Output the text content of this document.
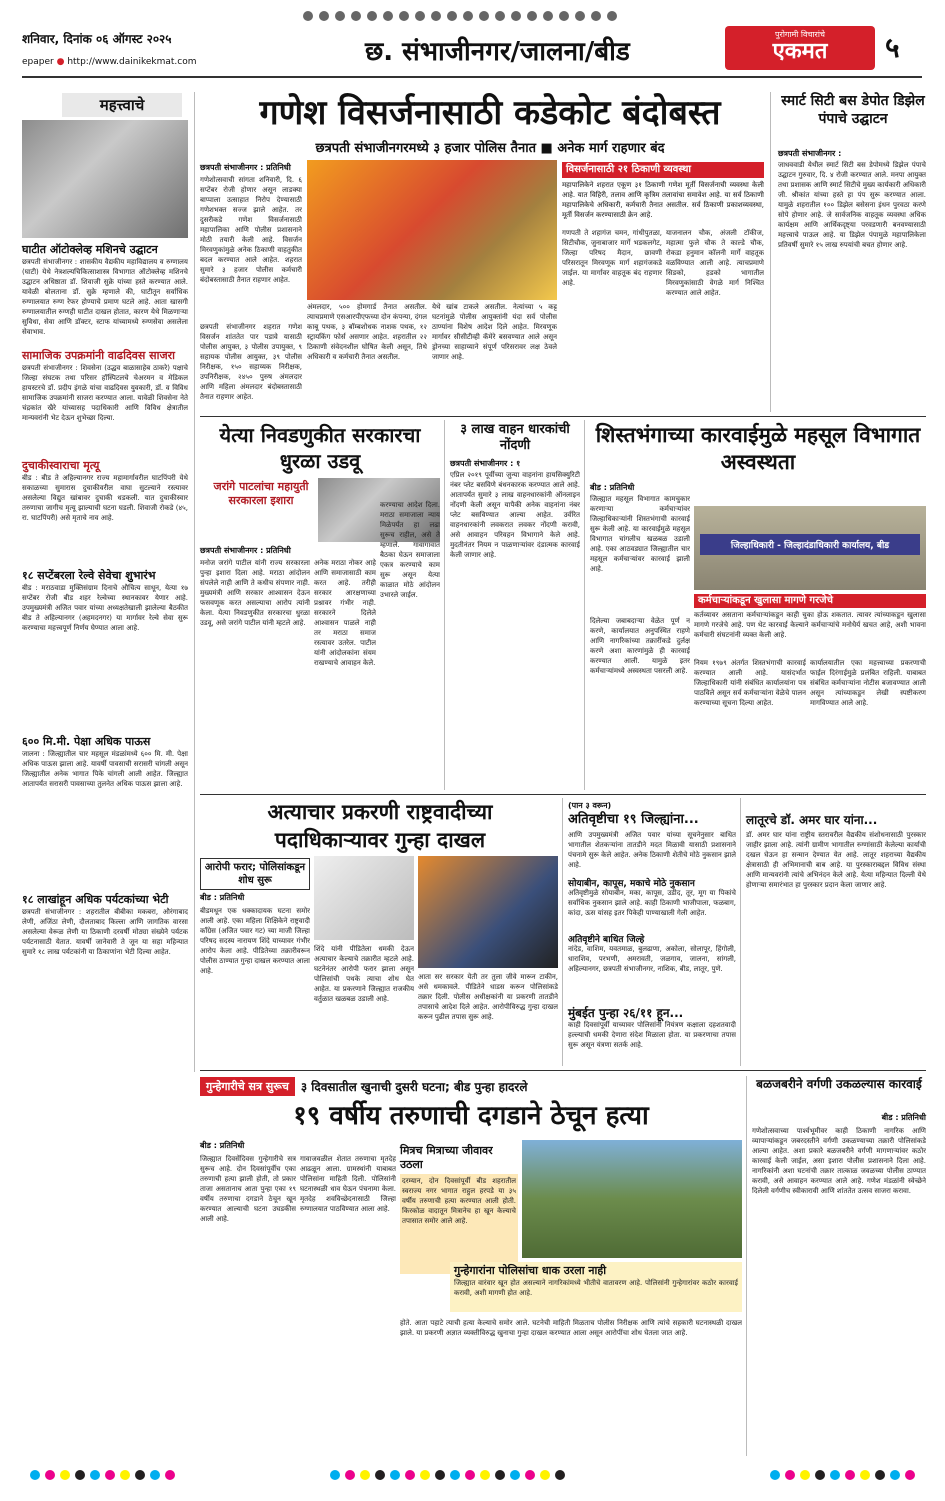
शनिवार, दिनांक ०६ ऑगस्ट २०२५
epaper ● http://www.dainikekmat.com	छ. संभाजीनगर/जालना/बीड
पुरोगामी विचारांचे
एकमत	५
महत्त्वाचे
घाटीत ऑटोक्लेव्ह मशिनचे उद्घाटन
छत्रपती संभाजीनगर : शासकीय वैद्यकीय महाविद्यालय व रुग्णालय (घाटी) येथे नेत्रशल्यचिकित्साशास्त्र विभागात ऑटोक्लेव्ह मशिनचे उद्घाटन अधिष्ठाता डॉ. शिवाजी सुक्रे यांच्या हस्ते करण्यात आले. यावेळी बोलताना डॉ. सुक्रे म्हणाले की, घाटीतून सर्वाधिक रुग्णालयात रुग्ण रेफर होण्याचे प्रमाण घटले आहे. आता खासगी रुग्णालयातील रुग्णही घाटीत दाखल होतात, कारण येथे मिळणाऱ्या सुविधा, सेवा आणि डॉक्टर, स्टाफ यांच्यामध्ये रुग्णसेवा असलेला सेवाभाव.
सामाजिक उपक्रमांनी वाढदिवस साजरा
छत्रपती संभाजीनगर : शिवसेना (उद्धव बाळासाहेब ठाकरे) पक्षाचे जिल्हा संघटक तथा परिसर हॉस्पिटलचे चेअरमन व मेडिकल हायस्टरचे डॉ. प्रदीप इंगळे यांचा वाढदिवस युवकारी, डॉ. व विविध सामाजिक उपक्रमांनी साजरा करण्यात आला. यावेळी शिवसेना नेते चंद्रकांत खैरे यांच्यासह पदाधिकारी आणि विविध क्षेत्रातील मान्यवरांनी भेट देऊन शुभेच्छा दिल्या.
दुचाकीस्वाराचा मृत्यू
बीड : बीड ते अहिल्यानगर राज्य महामार्गावरील घाटपिंपरी येथे सकाळच्या सुमारास दुचाकीवरील वाघा सुटल्याने रस्त्यावर असलेल्या विद्युत खांबावर दुचाकी धडकली. यात दुचाकीस्वार तरुणाचा जागीच मृत्यू झाल्याची घटना घडली. शिवाजी रोकडे (४५, रा. घाटपिंपरी) असे मृताचे नाव आहे.
१८ सप्टेंबरला रेल्वे सेवेचा शुभारंभ
बीड : मराठवाडा मुक्तिसंग्राम दिनाचे औचित्य साधून, येत्या १७ सप्टेंबर रोजी बीड शहर रेल्वेच्या स्थानकावर येणार आहे. उपमुख्यमंत्री अजित पवार यांच्या अध्यक्षतेखाली झालेल्या बैठकीत बीड ते अहिल्यानगर (अहमदनगर) या मार्गावर रेल्वे सेवा सुरू करण्याचा महत्त्वपूर्ण निर्णय घेण्यात आला आहे.
६०० मि.मी. पेक्षा अधिक पाऊस
जालना : जिल्ह्यातील चार महसूल मंडळांमध्ये ६०० मि. मी. पेक्षा अधिक पाऊस झाला आहे. यावर्षी पावसाची सरासरी चांगली असून जिल्ह्यातील अनेक भागात पिके चांगली आली आहेत. जिल्ह्यात आतापर्यंत सरासरी पावसाच्या तुलनेत अधिक पाऊस झाला आहे.
१८ लाखांहून अधिक पर्यटकांच्या भेटी
छत्रपती संभाजीनगर : शहरातील बीबीका मकबरा, औरंगाबाद लेणी, अजिंठा लेणी, दौलताबाद किल्ला आणि जागतिक वारसा असलेल्या वेरूळ लेणी या ठिकाणी दरवर्षी मोठ्या संख्येने पर्यटक पर्यटनासाठी येतात. यावर्षी जानेवारी ते जून या सहा महिन्यात सुमारे १८ लाख पर्यटकांनी या ठिकाणांना भेटी दिल्या आहेत.
गणेश विसर्जनासाठी कडेकोट बंदोबस्त
छत्रपती संभाजीनगरमध्ये ३ हजार पोलिस तैनात ■ अनेक मार्ग राहणार बंद
छत्रपती संभाजीनगर : प्रतिनिधी
गणेशोत्सवाची सांगता शनिवारी, दि. ६ सप्टेंबर रोजी होणार असून लाडक्या बाप्पाला उत्साहात निरोप देण्यासाठी गणेशभक्त सज्ज झाले आहेत. तर दुसरीकडे गणेश विसर्जनासाठी महापालिका आणि पोलीस प्रशासनाने मोठी तयारी केली आहे. विसर्जन मिरवणुकांमुळे अनेक ठिकाणी वाहतुकीत बदल करण्यात आले आहेत. शहरात सुमारे ३ हजार पोलीस कर्मचारी बंदोबस्तासाठी तैनात राहणार आहेत.
छत्रपती संभाजीनगर शहरात गणेश विसर्जन शांततेत पार पडावे यासाठी पोलीस आयुक्त, ३ पोलीस उपायुक्त, ९ सहायक पोलीस आयुक्त, ३९ पोलीस निरीक्षक, १५० सहाय्यक निरीक्षक, उपनिरीक्षक, २४५० पुरुष अंमलदार आणि महिला अंमलदार बंदोबस्तासाठी तैनात राहणार आहेत.
अंमलदार, ५०० होमगार्ड तैनात असतील. त्याचप्रमाणे एसआरपीएफच्या दोन कंपन्या, दंगल काबू पथक, ३ बॉम्बशोधक नाशक पथक, १२ स्ट्रायकिंग फोर्स असणार आहेत. शहरातील २२ ठिकाणी संवेदनशील घोषित केली असून, तिथे अधिकारी व कर्मचारी तैनात असतील.
येथे खांब टाकले असतील. नेत्यांच्या ५ कट्ट घटनांमुळे पोलीस आयुक्तांनी यंदा सर्व पोलीस ठाण्यांना विशेष आदेश दिले आहेत. मिरवणूक मार्गावर सीसीटीव्ही कॅमेरे बसवण्यात आले असून ड्रोनच्या साहाय्याने संपूर्ण परिसरावर लक्ष ठेवले जाणार आहे.
विसर्जनासाठी २१ ठिकाणी व्यवस्था
महापालिकेने शहरात एकूण ३१ ठिकाणी गणेश मूर्ती विसर्जनाची व्यवस्था केली आहे. यात विहिरी, तलाव आणि कृत्रिम तलावांचा समावेश आहे. या सर्व ठिकाणी महापालिकेचे अधिकारी, कर्मचारी तैनात असतील. सर्व ठिकाणी प्रकाशव्यवस्था, मूर्ती विसर्जन करण्यासाठी क्रेन आहे.
गणपती ते शहागंज चमन, गांधीपुतळा, सिटीचौक, जुनाबाजार मार्गे भडकलगेट, जिल्हा परिषद मैदान, छावणी परिसरातून मिरवणूक मार्ग शहागंजकडे जाईल. या मार्गावर वाहतूक बंद राहणार आहे.
याजनालन चौक, अंजली टॉकीज, महात्मा फुले चौक ते काल्डे चौक, रोकडा हनुमान कॉलनी मार्गे वाहतूक वळविण्यात आली आहे. त्याचप्रमाणे सिडको, हडको भागातील मिरवणुकांसाठी वेगळे मार्ग निश्चित करण्यात आले आहेत.
स्मार्ट सिटी बस डेपोत डिझेल पंपाचे उद्घाटन
छत्रपती संभाजीनगर :
जाधववाडी येथील स्मार्ट सिटी बस डेपोमध्ये डिझेल पंपाचे उद्घाटन गुरुवार, दि. ४ रोजी करण्यात आले. मनपा आयुक्त तथा प्रशासक आणि स्मार्ट सिटीचे मुख्य कार्यकारी अधिकारी जी. श्रीकांत यांच्या हस्ते हा पंप सुरू करण्यात आला. यामुळे शहरातील १०० डिझेल बसेसना इंधन पुरवठा करणे सोपे होणार आहे. जे सार्वजनिक वाहतूक व्यवस्था अधिक कार्यक्षम आणि आर्थिकदृष्ट्या परवडणारी बनवण्यासाठी महत्त्वाचे पाऊल आहे. या डिझेल पंपामुळे महापालिकेला प्रतिवर्षी सुमारे १५ लाख रुपयांची बचत होणार आहे.
येत्या निवडणुकीत सरकारचा धुरळा उडवू
जरांगे पाटलांचा महायुती सरकारला इशारा
छत्रपती संभाजीनगर : प्रतिनिधी
मनोज जरांगे पाटील यांनी राज्य सरकारला पुन्हा इशारा दिला आहे. मराठा आंदोलन संपलेले नाही आणि ते कधीच संपणार नाही. मुख्यमंत्री आणि सरकार आश्वासन देऊन फसवणूक करत असल्याचा आरोप त्यांनी केला. येत्या निवडणुकीत सरकारचा धुरळा उडवू, असे जरांगे पाटील यांनी म्हटले आहे.
अनेक मराठा नोकर आहे आणि समाजासाठी काम करत आहे. तरीही सरकार आरक्षणाच्या प्रश्नावर गंभीर नाही. सरकारने दिलेले आश्वासन पाळले नाही तर मराठा समाज रस्त्यावर उतरेल. पाटील यांनी आंदोलकांना संयम राखण्याचे आवाहन केले.
करण्याचा आदेश दिला. मराठा समाजाला न्याय मिळेपर्यंत हा लढा सुरूच राहील, असे ते म्हणाले. गावागावात बैठका घेऊन समाजाला एकत्र करण्याचे काम सुरू असून येत्या काळात मोठे आंदोलन उभारले जाईल.
३ लाख वाहन धारकांची नोंदणी
छत्रपती संभाजीनगर : १
एप्रिल २०१९ पूर्वीच्या जुन्या वाहनांना हायसिक्युरिटी नंबर प्लेट बसविणे बंधनकारक करण्यात आले आहे. आतापर्यंत सुमारे ३ लाख वाहनधारकांनी ऑनलाइन नोंदणी केली असून यापैकी अनेक वाहनांना नंबर प्लेट बसविण्यात आल्या आहेत. उर्वरित वाहनधारकांनी लवकरात लवकर नोंदणी करावी, असे आवाहन परिवहन विभागाने केले आहे. मुदतीनंतर नियम न पाळणाऱ्यांवर दंडात्मक कारवाई केली जाणार आहे.
शिस्तभंगाच्या कारवाईमुळे महसूल विभागात अस्वस्थता
बीड : प्रतिनिधी
जिल्ह्यात महसूल विभागात कामचुकार करणाऱ्या कर्मचाऱ्यांवर जिल्हाधिकाऱ्यांनी शिस्तभंगाची कारवाई सुरू केली आहे. या कारवाईमुळे महसूल विभागात चांगलीच खळबळ उडाली आहे. एका आठवड्यात जिल्ह्यातील चार महसूल कर्मचाऱ्यांवर कारवाई झाली आहे.
जिल्हाधिकारी - जिल्हादंडाधिकारी कार्यालय, बीड
कर्मचाऱ्यांकडून खुलासा मागणे गरजेचे
कर्तव्यावर असताना कर्मचाऱ्यांकडून काही चुका होऊ शकतात. त्यावर त्यांच्याकडून खुलासा मागणे गरजेचे आहे. पण थेट कारवाई केल्याने कर्मचाऱ्यांचे मनोधैर्य खचत आहे, अशी भावना कर्मचारी संघटनांनी व्यक्त केली आहे.
दिलेल्या जबाबदाऱ्या वेळेत पूर्ण न करणे, कार्यालयात अनुपस्थित राहणे आणि नागरिकांच्या तक्रारींकडे दुर्लक्ष करणे अशा कारणांमुळे ही कारवाई करण्यात आली. यामुळे इतर कर्मचाऱ्यांमध्ये अस्वस्थता पसरली आहे.
नियम १९७९ अंतर्गत शिस्तभंगाची कारवाई करण्यात आली आहे. यासंदर्भात जिल्हाधिकारी यांनी संबंधित कार्यालयांना पत्र पाठविले असून सर्व कर्मचाऱ्यांना वेळेचे पालन करण्याच्या सूचना दिल्या आहेत.
कार्यालयातील एका महत्त्वाच्या प्रकरणाची फाईल दिरंगाईमुळे प्रलंबित राहिली. याबाबत संबंधित कर्मचाऱ्यांना नोटीस बजावण्यात आली असून त्यांच्याकडून लेखी स्पष्टीकरण मागविण्यात आले आहे.
अत्याचार प्रकरणी राष्ट्रवादीच्या पदाधिकाऱ्यावर गुन्हा दाखल
आरोपी फरार; पोलिसांकडून शोध सुरू
बीड : प्रतिनिधी
बीडमधून एक धक्कादायक घटना समोर आली आहे. एका महिला शिक्षिकेने राष्ट्रवादी काँग्रेस (अजित पवार गट) च्या माजी जिल्हा परिषद सदस्य नारायण शिंदे याच्यावर गंभीर आरोप केला आहे. पीडितेच्या तक्रारीवरून पोलीस ठाण्यात गुन्हा दाखल करण्यात आला आहे.
शिंदे यांनी पीडितेला धमकी देऊन अत्याचार केल्याचे तक्रारीत म्हटले आहे. घटनेनंतर आरोपी फरार झाला असून पोलिसांची पथके त्याचा शोध घेत आहेत. या प्रकरणाने जिल्ह्यात राजकीय वर्तुळात खळबळ उडाली आहे.
आता सर सरकार येती तर तुला जीवे मारून टाकीन, असे धमकावले. पीडितेने धाडस करून पोलिसांकडे तक्रार दिली. पोलीस अधीक्षकांनी या प्रकरणी तातडीने तपासाचे आदेश दिले आहेत. आरोपीविरुद्ध गुन्हा दाखल करून पुढील तपास सुरू आहे.
(पान ३ वरून)
अतिवृष्टीचा १९ जिल्ह्यांना...
आणि उपमुख्यमंत्री अजित पवार यांच्या सूचनेनुसार बाधित भागातील शेतकऱ्यांना तातडीने मदत मिळावी यासाठी प्रशासनाने पंचनामे सुरू केले आहेत. अनेक ठिकाणी शेतीचे मोठे नुकसान झाले आहे.
सोयाबीन, कापूस, मकाचे मोठे नुकसान
अतिवृष्टीमुळे सोयाबीन, मका, कापूस, उडीद, तूर, मूग या पिकांचे सर्वाधिक नुकसान झाले आहे. काही ठिकाणी भाजीपाला, फळबाग, कांदा, ऊस यांसह इतर पिकेही पाण्याखाली गेली आहेत.
अतिवृष्टीने बाधित जिल्हे
नांदेड, वाशिम, यवतमाळ, बुलढाणा, अकोला, सोलापूर, हिंगोली, धाराशिव, परभणी, अमरावती, जळगाव, जालना, सांगली, अहिल्यानगर, छत्रपती संभाजीनगर, नाशिक, बीड, लातूर, पुणे.
मुंबईत पुन्हा २६/११ हून...
काही दिवसांपूर्वी याच्यावर पोलिसांनी नियंत्रण कक्षाला दहशतवादी हल्ल्याची धमकी देणारा संदेश मिळाला होता. या प्रकरणाचा तपास सुरू असून यंत्रणा सतर्क आहे.
लातूरचे डॉ. अमर घार यांना...
डॉ. अमर घार यांना राष्ट्रीय स्तरावरील वैद्यकीय संशोधनासाठी पुरस्कार जाहीर झाला आहे. त्यांनी ग्रामीण भागातील रुग्णांसाठी केलेल्या कार्याची दखल घेऊन हा सन्मान देण्यात येत आहे. लातूर शहराच्या वैद्यकीय क्षेत्रासाठी ही अभिमानाची बाब आहे. या पुरस्काराबद्दल विविध संस्था आणि मान्यवरांनी त्यांचे अभिनंदन केले आहे. येत्या महिन्यात दिल्ली येथे होणाऱ्या समारंभात हा पुरस्कार प्रदान केला जाणार आहे.
गुन्हेगारीचे सत्र सुरूच	३ दिवसातील खुनाची दुसरी घटना; बीड पुन्हा हादरले
१९ वर्षीय तरुणाची दगडाने ठेचून हत्या
बीड : प्रतिनिधी
जिल्ह्यात दिवसेंदिवस गुन्हेगारीचे सत्र सुरूच आहे. दोन दिवसांपूर्वीच एका तरुणाची हत्या झाली होती, तो प्रकार ताजा असतानाच आता पुन्हा एका १९ वर्षीय तरुणाचा दगडाने ठेचून खून करण्यात आल्याची घटना उघडकीस आली आहे.
गावाजवळील शेतात तरुणाचा मृतदेह आढळून आला. ग्रामस्थांनी याबाबत पोलिसांना माहिती दिली. पोलिसांनी घटनास्थळी धाव घेऊन पंचनामा केला. मृतदेह शवविच्छेदनासाठी जिल्हा रुग्णालयात पाठविण्यात आला आहे.
मित्रच मित्राच्या जीवावर उठला
दरम्यान, दोन दिवसांपूर्वी बीड शहरातील स्वराज्य नगर भागात राहुल हरपडे या ३५ वर्षीय तरुणाची हत्या करण्यात आली होती. किरकोळ वादातून मित्रानेच हा खून केल्याचे तपासात समोर आले आहे.
गुन्हेगारांना पोलिसांचा धाक उरला नाही
जिल्ह्यात वारंवार खून होत असल्याने नागरिकांमध्ये भीतीचे वातावरण आहे. पोलिसांनी गुन्हेगारांवर कठोर कारवाई करावी, अशी मागणी होत आहे.
होते. आता पहाटे त्याची हत्या केल्याचे समोर आले. घटनेची माहिती मिळताच पोलीस निरीक्षक आणि त्यांचे सहकारी घटनास्थळी दाखल झाले. या प्रकरणी अज्ञात व्यक्तीविरुद्ध खुनाचा गुन्हा दाखल करण्यात आला असून आरोपींचा शोध घेतला जात आहे.
बळजबरीने वर्गणी उकळल्यास कारवाई
बीड : प्रतिनिधी
गणेशोत्सवाच्या पार्श्वभूमीवर काही ठिकाणी नागरिक आणि व्यापाऱ्यांकडून जबरदस्तीने वर्गणी उकळण्याच्या तक्रारी पोलिसांकडे आल्या आहेत. अशा प्रकारे बळजबरीने वर्गणी मागणाऱ्यांवर कठोर कारवाई केली जाईल, असा इशारा पोलीस प्रशासनाने दिला आहे. नागरिकांनी अशा घटनांची तक्रार तात्काळ जवळच्या पोलीस ठाण्यात करावी, असे आवाहन करण्यात आले आहे. गणेश मंडळांनी स्वेच्छेने दिलेली वर्गणीच स्वीकारावी आणि शांततेत उत्सव साजरा करावा.
